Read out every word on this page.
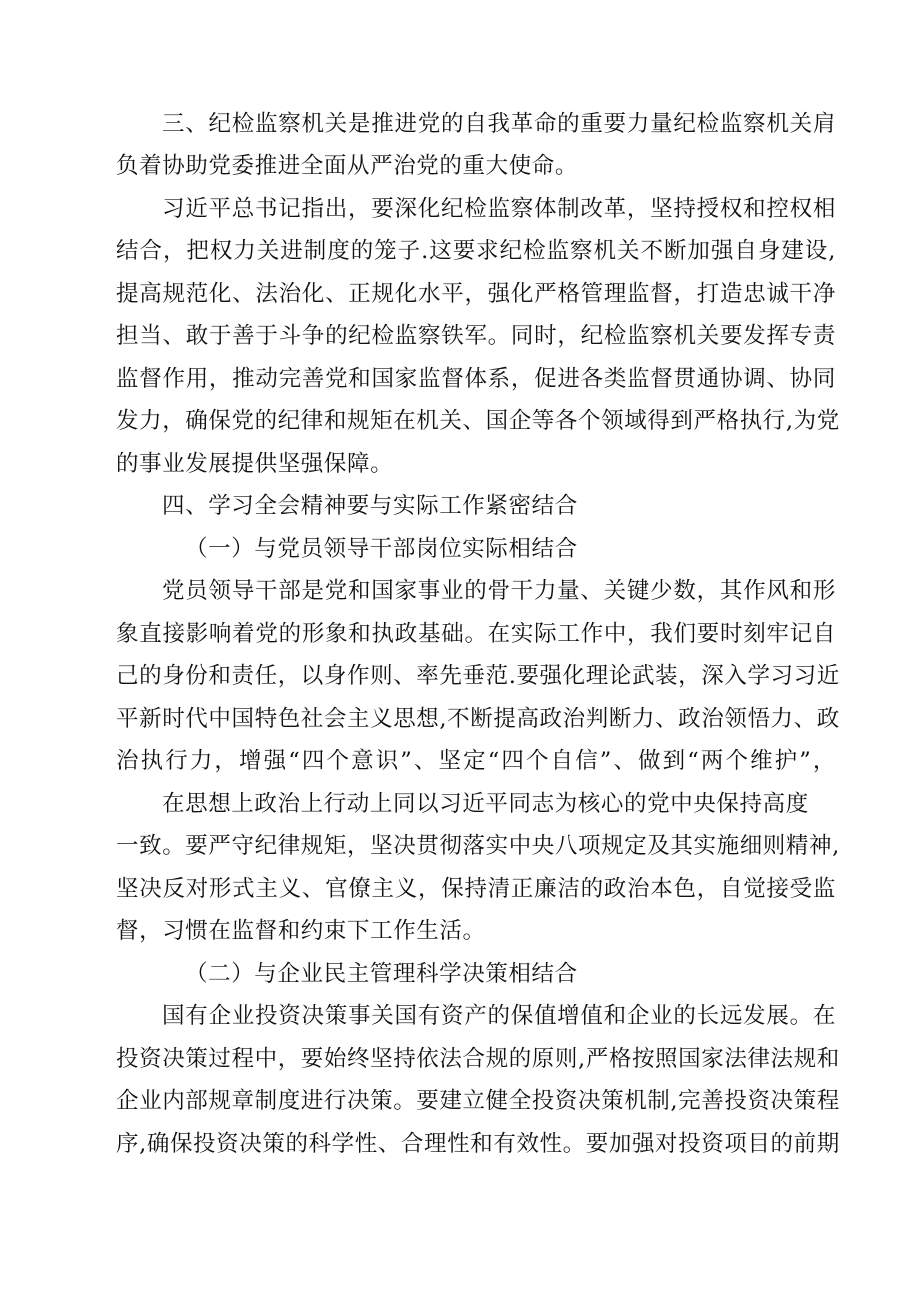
三、纪检监察机关是推进党的自我革命的重要力量纪检监察机关肩
负着协助党委推进全面从严治党的重大使命。
习近平总书记指出，要深化纪检监察体制改革，坚持授权和控权相
结合，把权力关进制度的笼子.这要求纪检监察机关不断加强自身建设,
提高规范化、法治化、正规化水平，强化严格管理监督，打造忠诚干净
担当、敢于善于斗争的纪检监察铁军。同时，纪检监察机关要发挥专责
监督作用，推动完善党和国家监督体系，促进各类监督贯通协调、协同
发力，确保党的纪律和规矩在机关、国企等各个领域得到严格执行,为党
的事业发展提供坚强保障。
四、学习全会精神要与实际工作紧密结合
（一）与党员领导干部岗位实际相结合
党员领导干部是党和国家事业的骨干力量、关键少数，其作风和形
象直接影响着党的形象和执政基础。在实际工作中，我们要时刻牢记自
己的身份和责任，以身作则、率先垂范.要强化理论武装，深入学习习近
平新时代中国特色社会主义思想,不断提高政治判断力、政治领悟力、政
治执行力，增强“四个意识”、坚定“四个自信”、做到“两个维护”，
在思想上政治上行动上同以习近平同志为核心的党中央保持高度
一致。要严守纪律规矩，坚决贯彻落实中央八项规定及其实施细则精神,
坚决反对形式主义、官僚主义，保持清正廉洁的政治本色，自觉接受监
督，习惯在监督和约束下工作生活。
（二）与企业民主管理科学决策相结合
国有企业投资决策事关国有资产的保值增值和企业的长远发展。在
投资决策过程中，要始终坚持依法合规的原则,严格按照国家法律法规和
企业内部规章制度进行决策。要建立健全投资决策机制,完善投资决策程
序,确保投资决策的科学性、合理性和有效性。要加强对投资项目的前期
